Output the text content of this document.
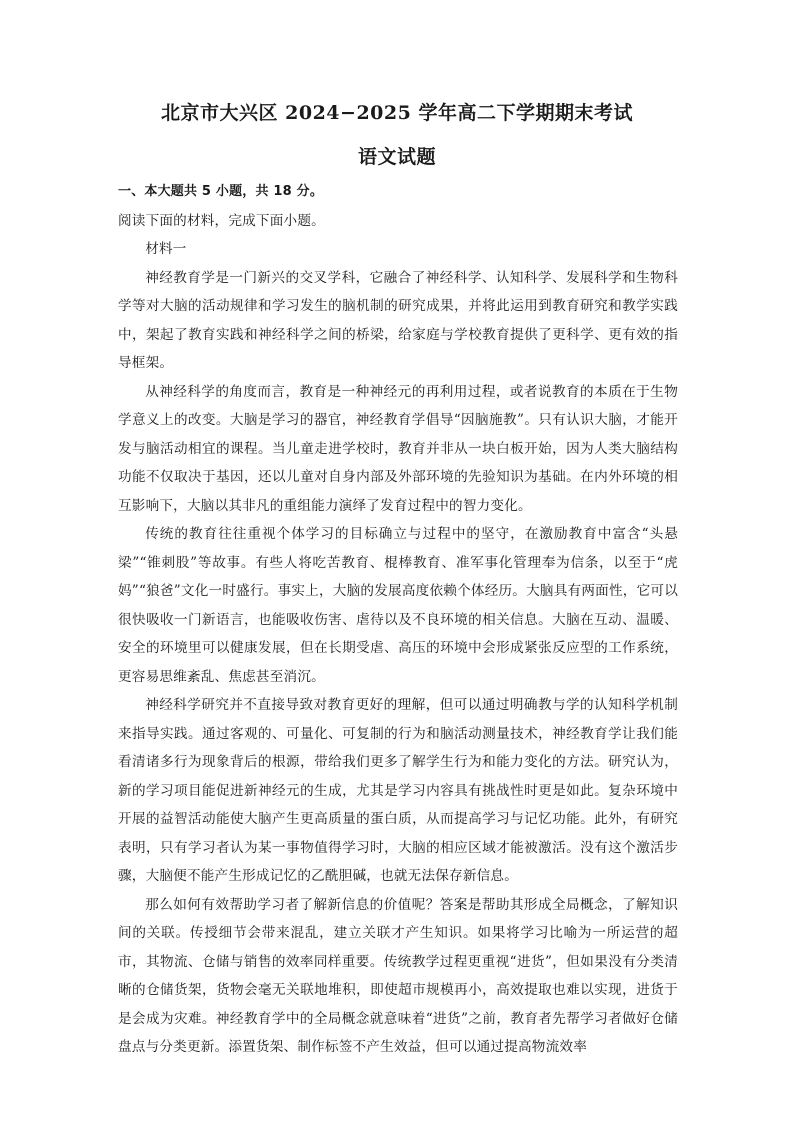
北京市大兴区 2024−2025 学年高二下学期期末考试
语文试题

一、本大题共 5 小题，共 18 分。

阅读下面的材料，完成下面小题。

材料一

神经教育学是一门新兴的交叉学科，它融合了神经科学、认知科学、发展科学和生物科学等对大脑的活动规律和学习发生的脑机制的研究成果，并将此运用到教育研究和教学实践中，架起了教育实践和神经科学之间的桥梁，给家庭与学校教育提供了更科学、更有效的指导框架。

从神经科学的角度而言，教育是一种神经元的再利用过程，或者说教育的本质在于生物学意义上的改变。大脑是学习的器官，神经教育学倡导“因脑施教”。只有认识大脑，才能开发与脑活动相宜的课程。当儿童走进学校时，教育并非从一块白板开始，因为人类大脑结构功能不仅取决于基因，还以儿童对自身内部及外部环境的先验知识为基础。在内外环境的相互影响下，大脑以其非凡的重组能力演绎了发育过程中的智力变化。

传统的教育往往重视个体学习的目标确立与过程中的坚守，在激励教育中富含“头悬梁”“锥刺股”等故事。有些人将吃苦教育、棍棒教育、准军事化管理奉为信条，以至于“虎妈”“狼爸”文化一时盛行。事实上，大脑的发展高度依赖个体经历。大脑具有两面性，它可以很快吸收一门新语言，也能吸收伤害、虐待以及不良环境的相关信息。大脑在互动、温暖、安全的环境里可以健康发展，但在长期受虐、高压的环境中会形成紧张反应型的工作系统，更容易思维紊乱、焦虑甚至消沉。

神经科学研究并不直接导致对教育更好的理解，但可以通过明确教与学的认知科学机制来指导实践。通过客观的、可量化、可复制的行为和脑活动测量技术，神经教育学让我们能看清诸多行为现象背后的根源，带给我们更多了解学生行为和能力变化的方法。研究认为，新的学习项目能促进新神经元的生成，尤其是学习内容具有挑战性时更是如此。复杂环境中开展的益智活动能使大脑产生更高质量的蛋白质，从而提高学习与记忆功能。此外，有研究表明，只有学习者认为某一事物值得学习时，大脑的相应区域才能被激活。没有这个激活步骤，大脑便不能产生形成记忆的乙酰胆碱，也就无法保存新信息。

那么如何有效帮助学习者了解新信息的价值呢？答案是帮助其形成全局概念，了解知识间的关联。传授细节会带来混乱，建立关联才产生知识。如果将学习比喻为一所运营的超市，其物流、仓储与销售的效率同样重要。传统教学过程更重视“进货”，但如果没有分类清晰的仓储货架，货物会毫无关联地堆积，即使超市规模再小，高效提取也难以实现，进货于是会成为灾难。神经教育学中的全局概念就意味着“进货”之前，教育者先帮学习者做好仓储盘点与分类更新。添置货架、制作标签不产生效益，但可以通过提高物流效率
